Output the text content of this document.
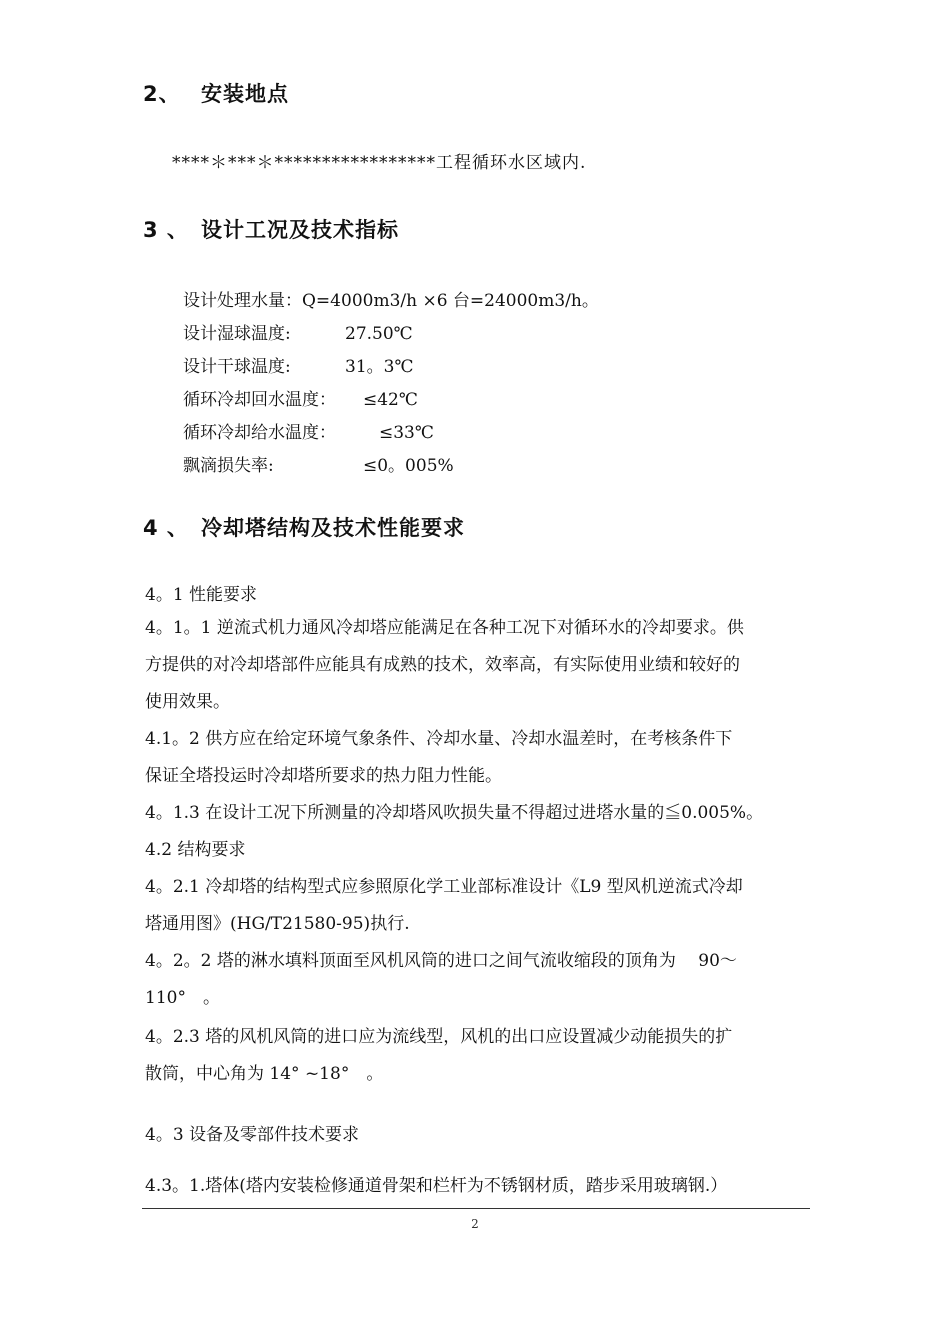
2、 安装地点
****＊***＊*****************工程循环水区域内.
3 、 设计工况及技术指标
设计处理水量：Q=4000m3/h ×6 台=24000m3/h。
设计湿球温度:	27.50℃
设计干球温度:	31。3℃
循环冷却回水温度： ≤42℃
循环冷却给水温度：	≤33℃
飘滴损失率:	≤0。005%
4 、 冷却塔结构及技术性能要求
4。1 性能要求
4。1。1 逆流式机力通风冷却塔应能满足在各种工况下对循环水的冷却要求。供
方提供的对冷却塔部件应能具有成熟的技术，效率高，有实际使用业绩和较好的
使用效果。
4.1。2 供方应在给定环境气象条件、冷却水量、冷却水温差时，在考核条件下
保证全塔投运时冷却塔所要求的热力阻力性能。
4。1.3 在设计工况下所测量的冷却塔风吹损失量不得超过进塔水量的≦0.005%。
4.2 结构要求
4。2.1 冷却塔的结构型式应参照原化学工业部标准设计《L9 型风机逆流式冷却
塔通用图》(HG/T21580-95)执行.
4。2。2 塔的淋水填料顶面至风机风筒的进口之间气流收缩段的顶角为　 90～
110°　。
4。2.3 塔的风机风筒的进口应为流线型，风机的出口应设置减少动能损失的扩
散筒，中心角为 14° ~18°　。
4。3 设备及零部件技术要求
4.3。1.塔体(塔内安装检修通道骨架和栏杆为不锈钢材质，踏步采用玻璃钢.）
2
